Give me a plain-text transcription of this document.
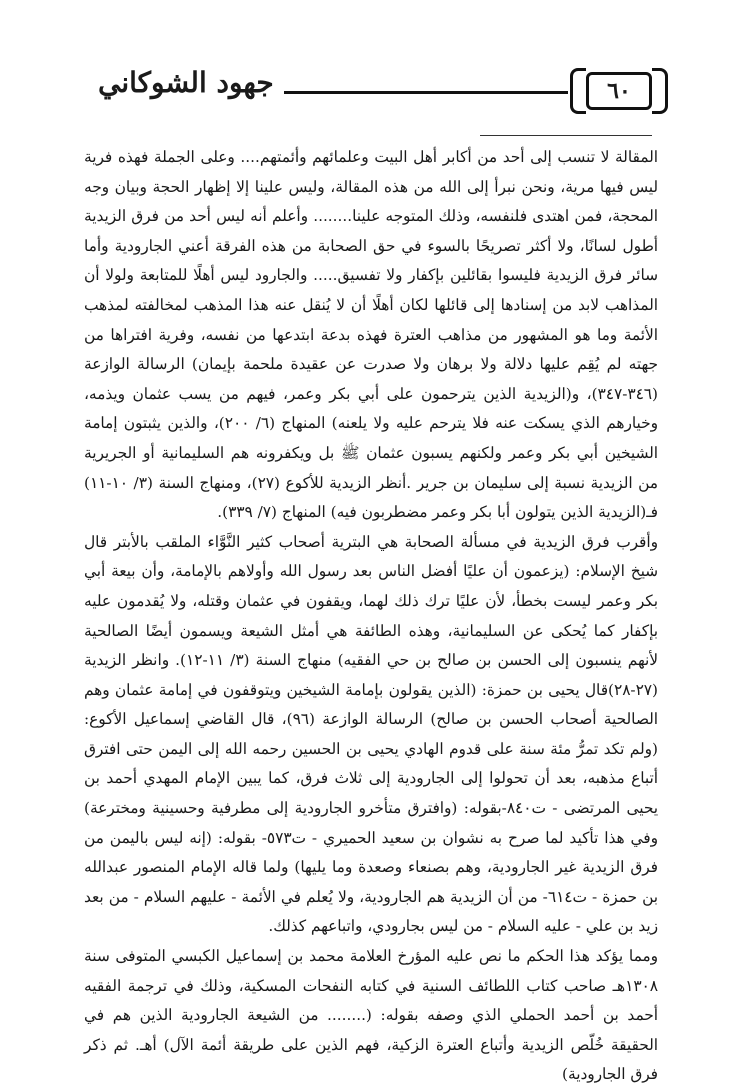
جهود الشوكاني	٦٠

المقالة لا تنسب إلى أحد من أكابر أهل البيت وعلمائهم وأئمتهم.... وعلى الجملة فهذه فرية ليس فيها مرية، ونحن نبرأ إلى الله من هذه المقالة، وليس علينا إلا إظهار الحجة وبيان وجه المحجة، فمن اهتدى فلنفسه، وذلك المتوجه علينا........ وأعلم أنه ليس أحد من فرق الزيدية أطول لسانًا، ولا أكثر تصريحًا بالسوء في حق الصحابة من هذه الفرقة أعني الجارودية وأما سائر فرق الزيدية فليسوا بقائلين بإكفار ولا تفسيق..... والجارود ليس أهلًا للمتابعة ولولا أن المذاهب لابد من إسنادها إلى قائلها لكان أهلًا أن لا يُنقل عنه هذا المذهب لمخالفته لمذهب الأئمة وما هو المشهور من مذاهب العترة فهذه بدعة ابتدعها من نفسه، وفرية افتراها من جهته لم يُقِم عليها دلالة ولا برهان ولا صدرت عن عقيدة ملحمة بإيمان) الرسالة الوازعة (٣٤٦-٣٤٧)، و(الزيدية الذين يترحمون على أبي بكر وعمر، فيهم من يسب عثمان ويذمه، وخيارهم الذي يسكت عنه فلا يترحم عليه ولا يلعنه) المنهاج (٦/ ٢٠٠)، والذين يثبتون إمامة الشيخين أبي بكر وعمر ولكنهم يسبون عثمان ﷺ بل ويكفرونه هم السليمانية أو الجريرية من الزيدية نسبة إلى سليمان بن جرير .أنظر الزيدية للأكوع (٢٧)، ومنهاج السنة (٣/ ١٠-١١) فـ(الزيدية الذين يتولون أبا بكر وعمر مضطربون فيه) المنهاج (٧/ ٣٣٩).

وأقرب فرق الزيدية في مسألة الصحابة هي البترية أصحاب كثير النَّوَّاء الملقب بالأبتر قال شيخ الإسلام: (يزعمون أن عليًا أفضل الناس بعد رسول الله وأولاهم بالإمامة، وأن بيعة أبي بكر وعمر ليست بخطأ، لأن عليًا ترك ذلك لهما، ويقفون في عثمان وقتله، ولا يُقدمون عليه بإكفار كما يُحكى عن السليمانية، وهذه الطائفة هي أمثل الشيعة ويسمون أيضًا الصالحية لأنهم ينسبون إلى الحسن بن صالح بن حي الفقيه) منهاج السنة (٣/ ١١-١٢). وانظر الزيدية (٢٧-٢٨)قال يحيى بن حمزة: (الذين يقولون بإمامة الشيخين ويتوقفون في إمامة عثمان وهم الصالحية أصحاب الحسن بن صالح) الرسالة الوازعة (٩٦)، قال القاضي إسماعيل الأكوع: (ولم تكد تمرُّ مئة سنة على قدوم الهادي يحيى بن الحسين رحمه الله إلى اليمن حتى افترق أتباع مذهبه، بعد أن تحولوا إلى الجارودية إلى ثلاث فرق، كما يبين الإمام المهدي أحمد بن يحيى المرتضى - ت٨٤٠-بقوله: (وافترق متأخرو الجارودية إلى مطرفية وحسينية ومخترعة) وفي هذا تأكيد لما صرح به نشوان بن سعيد الحميري - ت٥٧٣- بقوله: (إنه ليس باليمن من فرق الزيدية غير الجارودية، وهم بصنعاء وصعدة وما يليها) ولما قاله الإمام المنصور عبدالله بن حمزة - ت٦١٤- من أن الزيدية هم الجارودية، ولا يُعلم في الأئمة - عليهم السلام - من بعد زيد بن علي - عليه السلام - من ليس بجارودي، واتباعهم كذلك.

ومما يؤكد هذا الحكم ما نص عليه المؤرخ العلامة محمد بن إسماعيل الكبسي المتوفى سنة ١٣٠٨هـ صاحب كتاب اللطائف السنية في كتابه النفحات المسكية، وذلك في ترجمة الفقيه أحمد بن أحمد الحملي الذي وصفه بقوله: (........ من الشيعة الجارودية الذين هم في الحقيقة خُلّص الزيدية وأتباع العترة الزكية، فهم الذين على طريقة أئمة الآل) أهـ. ثم ذكر فرق الجارودية)
